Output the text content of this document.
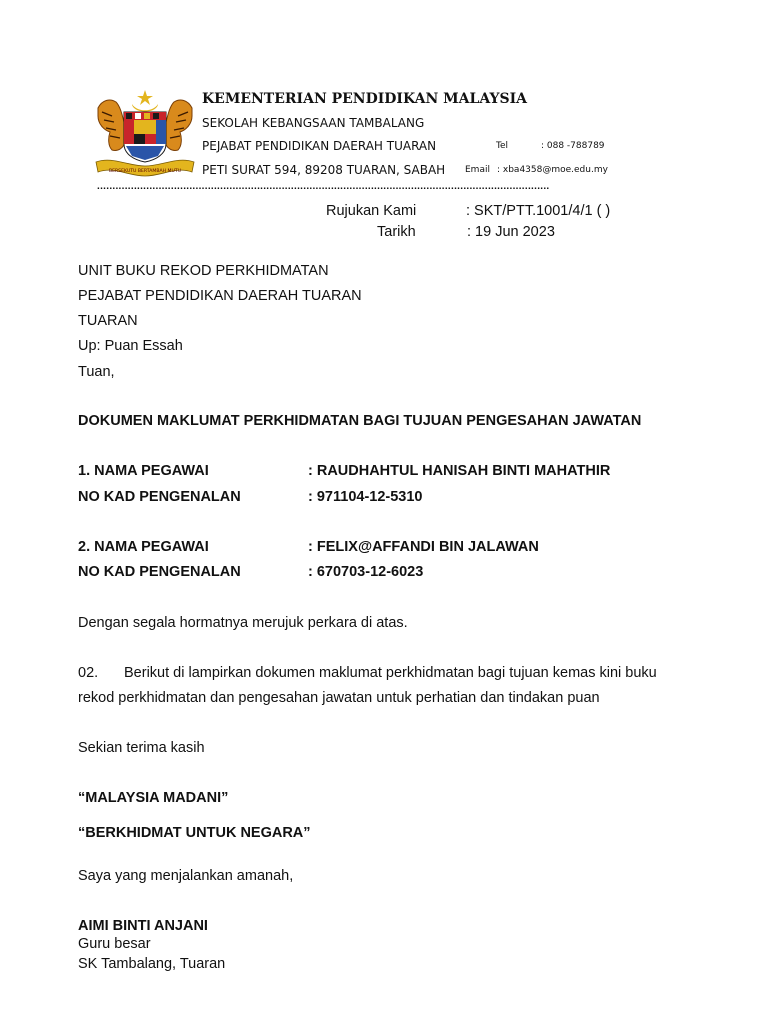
BERSEKUTU BERTAMBAH MUTU
KEMENTERIAN PENDIDIKAN MALAYSIA
SEKOLAH KEBANGSAAN TAMBALANG
PEJABAT PENDIDIKAN DAERAH TUARAN
PETI SURAT 594, 89208 TUARAN, SABAH
Tel	: 088 -788789
Email : xba4358@moe.edu.my
...................................................................................................................................................
Rujukan Kami	: SKT/PTT.1001/4/1 ( )
Tarikh	: 19 Jun 2023
UNIT BUKU REKOD PERKHIDMATAN
PEJABAT PENDIDIKAN DAERAH TUARAN
TUARAN
Up: Puan Essah
Tuan,
DOKUMEN MAKLUMAT PERKHIDMATAN BAGI TUJUAN PENGESAHAN JAWATAN
1. NAMA PEGAWAI	: RAUDHAHTUL HANISAH BINTI MAHATHIR
NO KAD PENGENALAN	: 971104-12-5310
2. NAMA PEGAWAI	: FELIX@AFFANDI BIN JALAWAN
NO KAD PENGENALAN	: 670703-12-6023
Dengan segala hormatnya merujuk perkara di atas.
02. Berikut di lampirkan dokumen maklumat perkhidmatan bagi tujuan kemas kini buku
rekod perkhidmatan dan pengesahan jawatan untuk perhatian dan tindakan puan
Sekian terima kasih
“MALAYSIA MADANI”
“BERKHIDMAT UNTUK NEGARA”
Saya yang menjalankan amanah,
AIMI BINTI ANJANI
Guru besar
SK Tambalang, Tuaran
